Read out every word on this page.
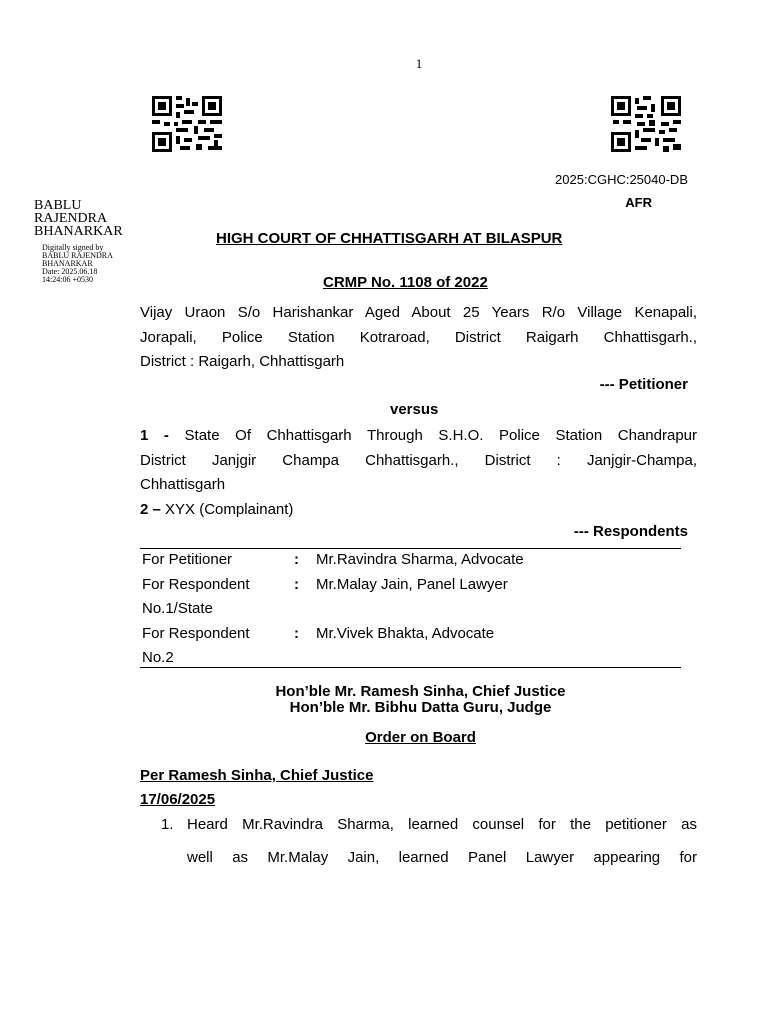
1
2025:CGHC:25040-DB
AFR
BABLU
RAJENDRA
BHANARKAR
Digitally signed by
BABLU RAJENDRA
BHANARKAR
Date: 2025.06.18
14:24:06 +0530
HIGH COURT OF CHHATTISGARH AT BILASPUR
CRMP No. 1108 of 2022
Vijay Uraon S/o Harishankar Aged About 25 Years R/o Village Kenapali,
Jorapali, Police Station Kotraroad, District Raigarh Chhattisgarh.,
District : Raigarh, Chhattisgarh
--- Petitioner
versus
1 - State Of Chhattisgarh Through S.H.O. Police Station Chandrapur
District Janjgir Champa Chhattisgarh., District : Janjgir-Champa,
Chhattisgarh
2 – XYX (Complainant)
--- Respondents
For Petitioner	: Mr.Ravindra Sharma, Advocate
For Respondent
No.1/State
: Mr.Malay Jain, Panel Lawyer
For Respondent
No.2
: Mr.Vivek Bhakta, Advocate
Hon’ble Mr. Ramesh Sinha, Chief Justice
Hon’ble Mr. Bibhu Datta Guru, Judge
Order on Board
Per Ramesh Sinha, Chief Justice
17/06/2025
1. Heard Mr.Ravindra Sharma, learned counsel for the petitioner as
well as Mr.Malay Jain, learned Panel Lawyer appearing for
